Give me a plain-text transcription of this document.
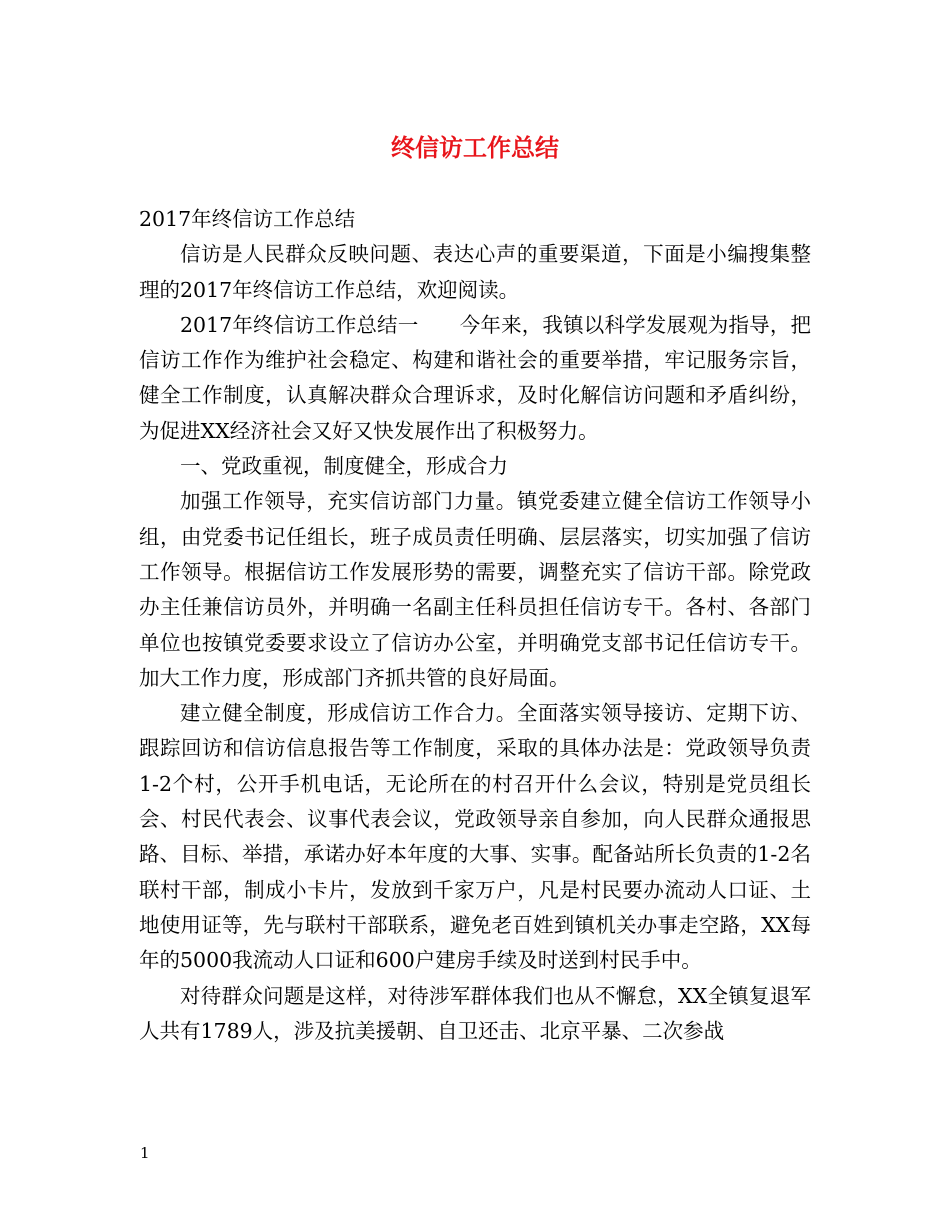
终信访工作总结

2017年终信访工作总结

信访是人民群众反映问题、表达心声的重要渠道，下面是小编搜集整理的2017年终信访工作总结，欢迎阅读。

2017年终信访工作总结一　　今年来，我镇以科学发展观为指导，把信访工作作为维护社会稳定、构建和谐社会的重要举措，牢记服务宗旨，健全工作制度，认真解决群众合理诉求，及时化解信访问题和矛盾纠纷，为促进XX经济社会又好又快发展作出了积极努力。

一、党政重视，制度健全，形成合力

加强工作领导，充实信访部门力量。镇党委建立健全信访工作领导小组，由党委书记任组长，班子成员责任明确、层层落实，切实加强了信访工作领导。根据信访工作发展形势的需要，调整充实了信访干部。除党政办主任兼信访员外，并明确一名副主任科员担任信访专干。各村、各部门单位也按镇党委要求设立了信访办公室，并明确党支部书记任信访专干。加大工作力度，形成部门齐抓共管的良好局面。

建立健全制度，形成信访工作合力。全面落实领导接访、定期下访、跟踪回访和信访信息报告等工作制度，采取的具体办法是：党政领导负责1-2个村，公开手机电话，无论所在的村召开什么会议，特别是党员组长会、村民代表会、议事代表会议，党政领导亲自参加，向人民群众通报思路、目标、举措，承诺办好本年度的大事、实事。配备站所长负责的1-2名联村干部，制成小卡片，发放到千家万户，凡是村民要办流动人口证、土地使用证等，先与联村干部联系，避免老百姓到镇机关办事走空路，XX每年的5000我流动人口证和600户建房手续及时送到村民手中。

对待群众问题是这样，对待涉军群体我们也从不懈怠，XX全镇复退军人共有1789人，涉及抗美援朝、自卫还击、北京平暴、二次参战

1
